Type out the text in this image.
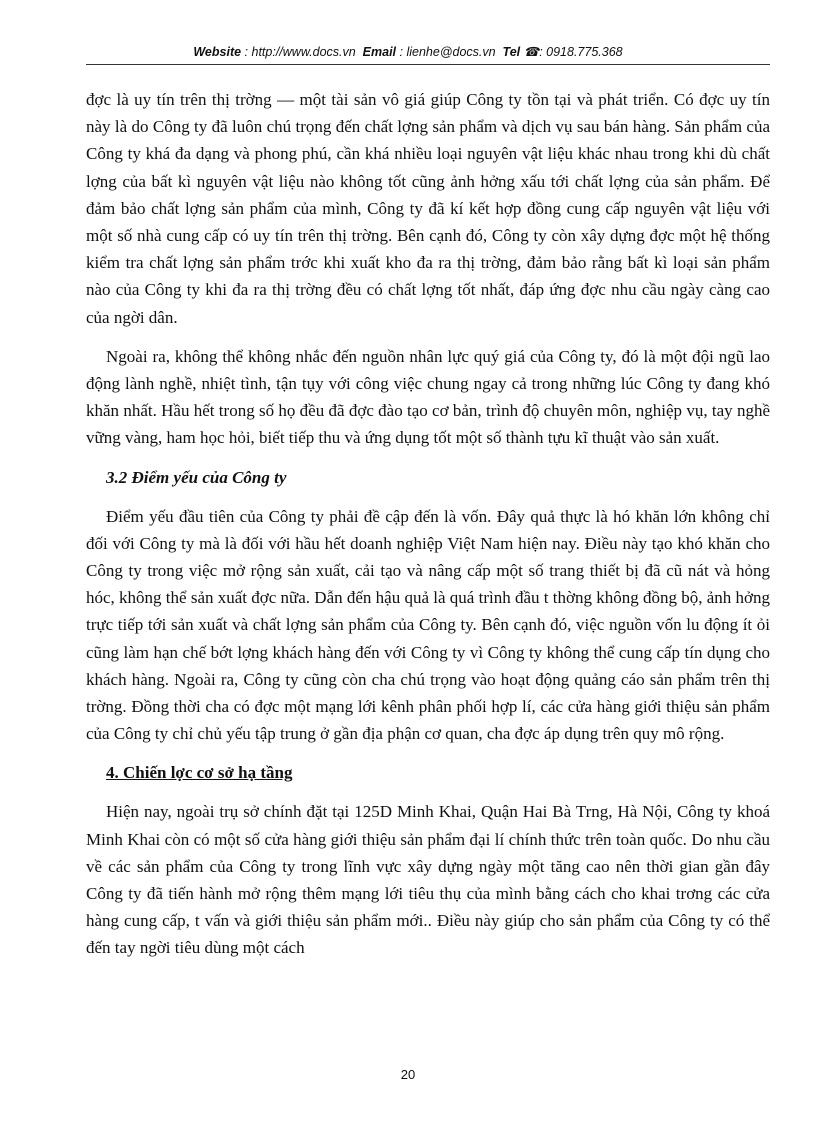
Website : http://www.docs.vn Email : lienhe@docs.vn Tel ☎: 0918.775.368

đợc là uy tín trên thị trờng — một tài sản vô giá giúp Công ty tồn tại và phát triển. Có đợc uy tín này là do Công ty đã luôn chú trọng đến chất lợng sản phẩm và dịch vụ sau bán hàng. Sản phẩm của Công ty khá đa dạng và phong phú, cần khá nhiều loại nguyên vật liệu khác nhau trong khi dù chất lợng của bất kì nguyên vật liệu nào không tốt cũng ảnh hởng xấu tới chất lợng của sản phẩm. Để đảm bảo chất lợng sản phẩm của mình, Công ty đã kí kết hợp đồng cung cấp nguyên vật liệu với một số nhà cung cấp có uy tín trên thị trờng. Bên cạnh đó, Công ty còn xây dựng đợc một hệ thống kiểm tra chất lợng sản phẩm trớc khi xuất kho đa ra thị trờng, đảm bảo rằng bất kì loại sản phẩm nào của Công ty khi đa ra thị trờng đều có chất lợng tốt nhất, đáp ứng đợc nhu cầu ngày càng cao của ngời dân.

Ngoài ra, không thể không nhắc đến nguồn nhân lực quý giá của Công ty, đó là một đội ngũ lao động lành nghề, nhiệt tình, tận tụy với công việc chung ngay cả trong những lúc Công ty đang khó khăn nhất. Hầu hết trong số họ đều đã đợc đào tạo cơ bản, trình độ chuyên môn, nghiệp vụ, tay nghề vững vàng, ham học hỏi, biết tiếp thu và ứng dụng tốt một số thành tựu kĩ thuật vào sản xuất.

3.2 Điểm yếu của Công ty

Điểm yếu đầu tiên của Công ty phải đề cập đến là vốn. Đây quả thực là hó khăn lớn không chỉ đối với Công ty mà là đối với hầu hết doanh nghiệp Việt Nam hiện nay. Điều này tạo khó khăn cho Công ty trong việc mở rộng sản xuất, cải tạo và nâng cấp một số trang thiết bị đã cũ nát và hỏng hóc, không thể sản xuất đợc nữa. Dẫn đến hậu quả là quá trình đầu t thờng không đồng bộ, ảnh hởng trực tiếp tới sản xuất và chất lợng sản phẩm của Công ty. Bên cạnh đó, việc nguồn vốn lu động ít ỏi cũng làm hạn chế bớt lợng khách hàng đến với Công ty vì Công ty không thể cung cấp tín dụng cho khách hàng. Ngoài ra, Công ty cũng còn cha chú trọng vào hoạt động quảng cáo sản phẩm trên thị trờng. Đồng thời cha có đợc một mạng lới kênh phân phối hợp lí, các cửa hàng giới thiệu sản phẩm của Công ty chỉ chủ yếu tập trung ở gần địa phận cơ quan, cha đợc áp dụng trên quy mô rộng.

4. Chiến lợc cơ sở hạ tầng

Hiện nay, ngoài trụ sở chính đặt tại 125D Minh Khai, Quận Hai Bà Trng, Hà Nội, Công ty khoá Minh Khai còn có một số cửa hàng giới thiệu sản phẩm đại lí chính thức trên toàn quốc. Do nhu cầu về các sản phẩm của Công ty trong lĩnh vực xây dựng ngày một tăng cao nên thời gian gần đây Công ty đã tiến hành mở rộng thêm mạng lới tiêu thụ của mình bằng cách cho khai trơng các cửa hàng cung cấp, t vấn và giới thiệu sản phẩm mới.. Điều này giúp cho sản phẩm của Công ty có thể đến tay ngời tiêu dùng một cách

20
